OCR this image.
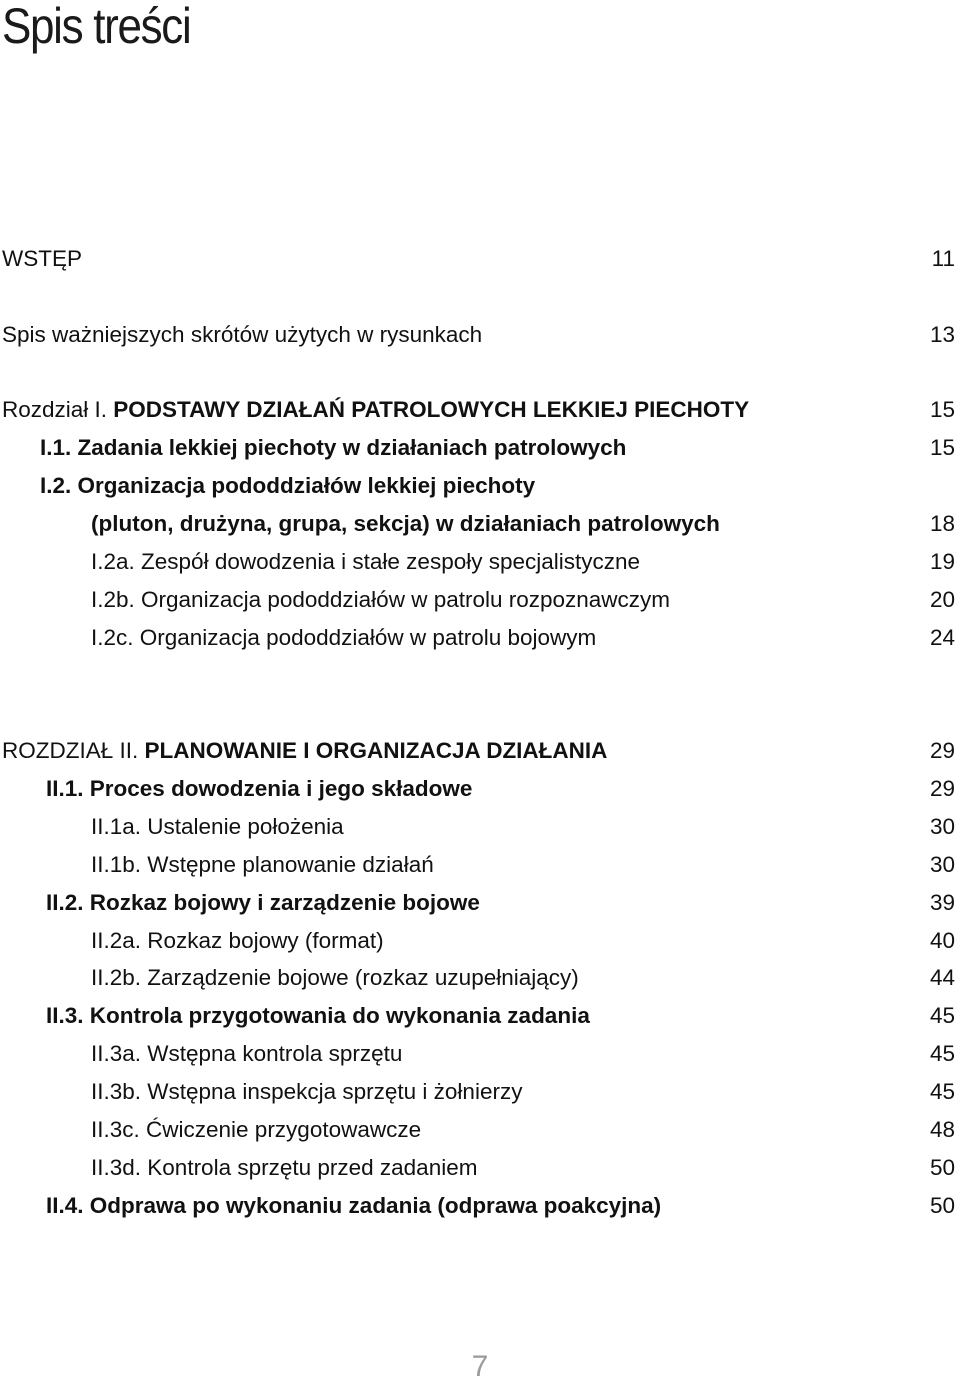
Spis treści
WSTĘP	11
Spis ważniejszych skrótów użytych w rysunkach	13
Rozdział I. PODSTAWY DZIAŁAŃ PATROLOWYCH LEKKIEJ PIECHOTY	15
I.1. Zadania lekkiej piechoty w działaniach patrolowych	15
I.2. Organizacja pododdziałów lekkiej piechoty
(pluton, drużyna, grupa, sekcja) w działaniach patrolowych	18
I.2a. Zespół dowodzenia i stałe zespoły specjalistyczne	19
I.2b. Organizacja pododdziałów w patrolu rozpoznawczym	20
I.2c. Organizacja pododdziałów w patrolu bojowym	24
ROZDZIAŁ II. PLANOWANIE I ORGANIZACJA DZIAŁANIA	29
II.1. Proces dowodzenia i jego składowe	29
II.1a. Ustalenie położenia	30
II.1b. Wstępne planowanie działań	30
II.2. Rozkaz bojowy i zarządzenie bojowe	39
II.2a. Rozkaz bojowy (format)	40
II.2b. Zarządzenie bojowe (rozkaz uzupełniający)	44
II.3. Kontrola przygotowania do wykonania zadania	45
II.3a. Wstępna kontrola sprzętu	45
II.3b. Wstępna inspekcja sprzętu i żołnierzy	45
II.3c. Ćwiczenie przygotowawcze	48
II.3d. Kontrola sprzętu przed zadaniem	50
II.4. Odprawa po wykonaniu zadania (odprawa poakcyjna)	50
7
